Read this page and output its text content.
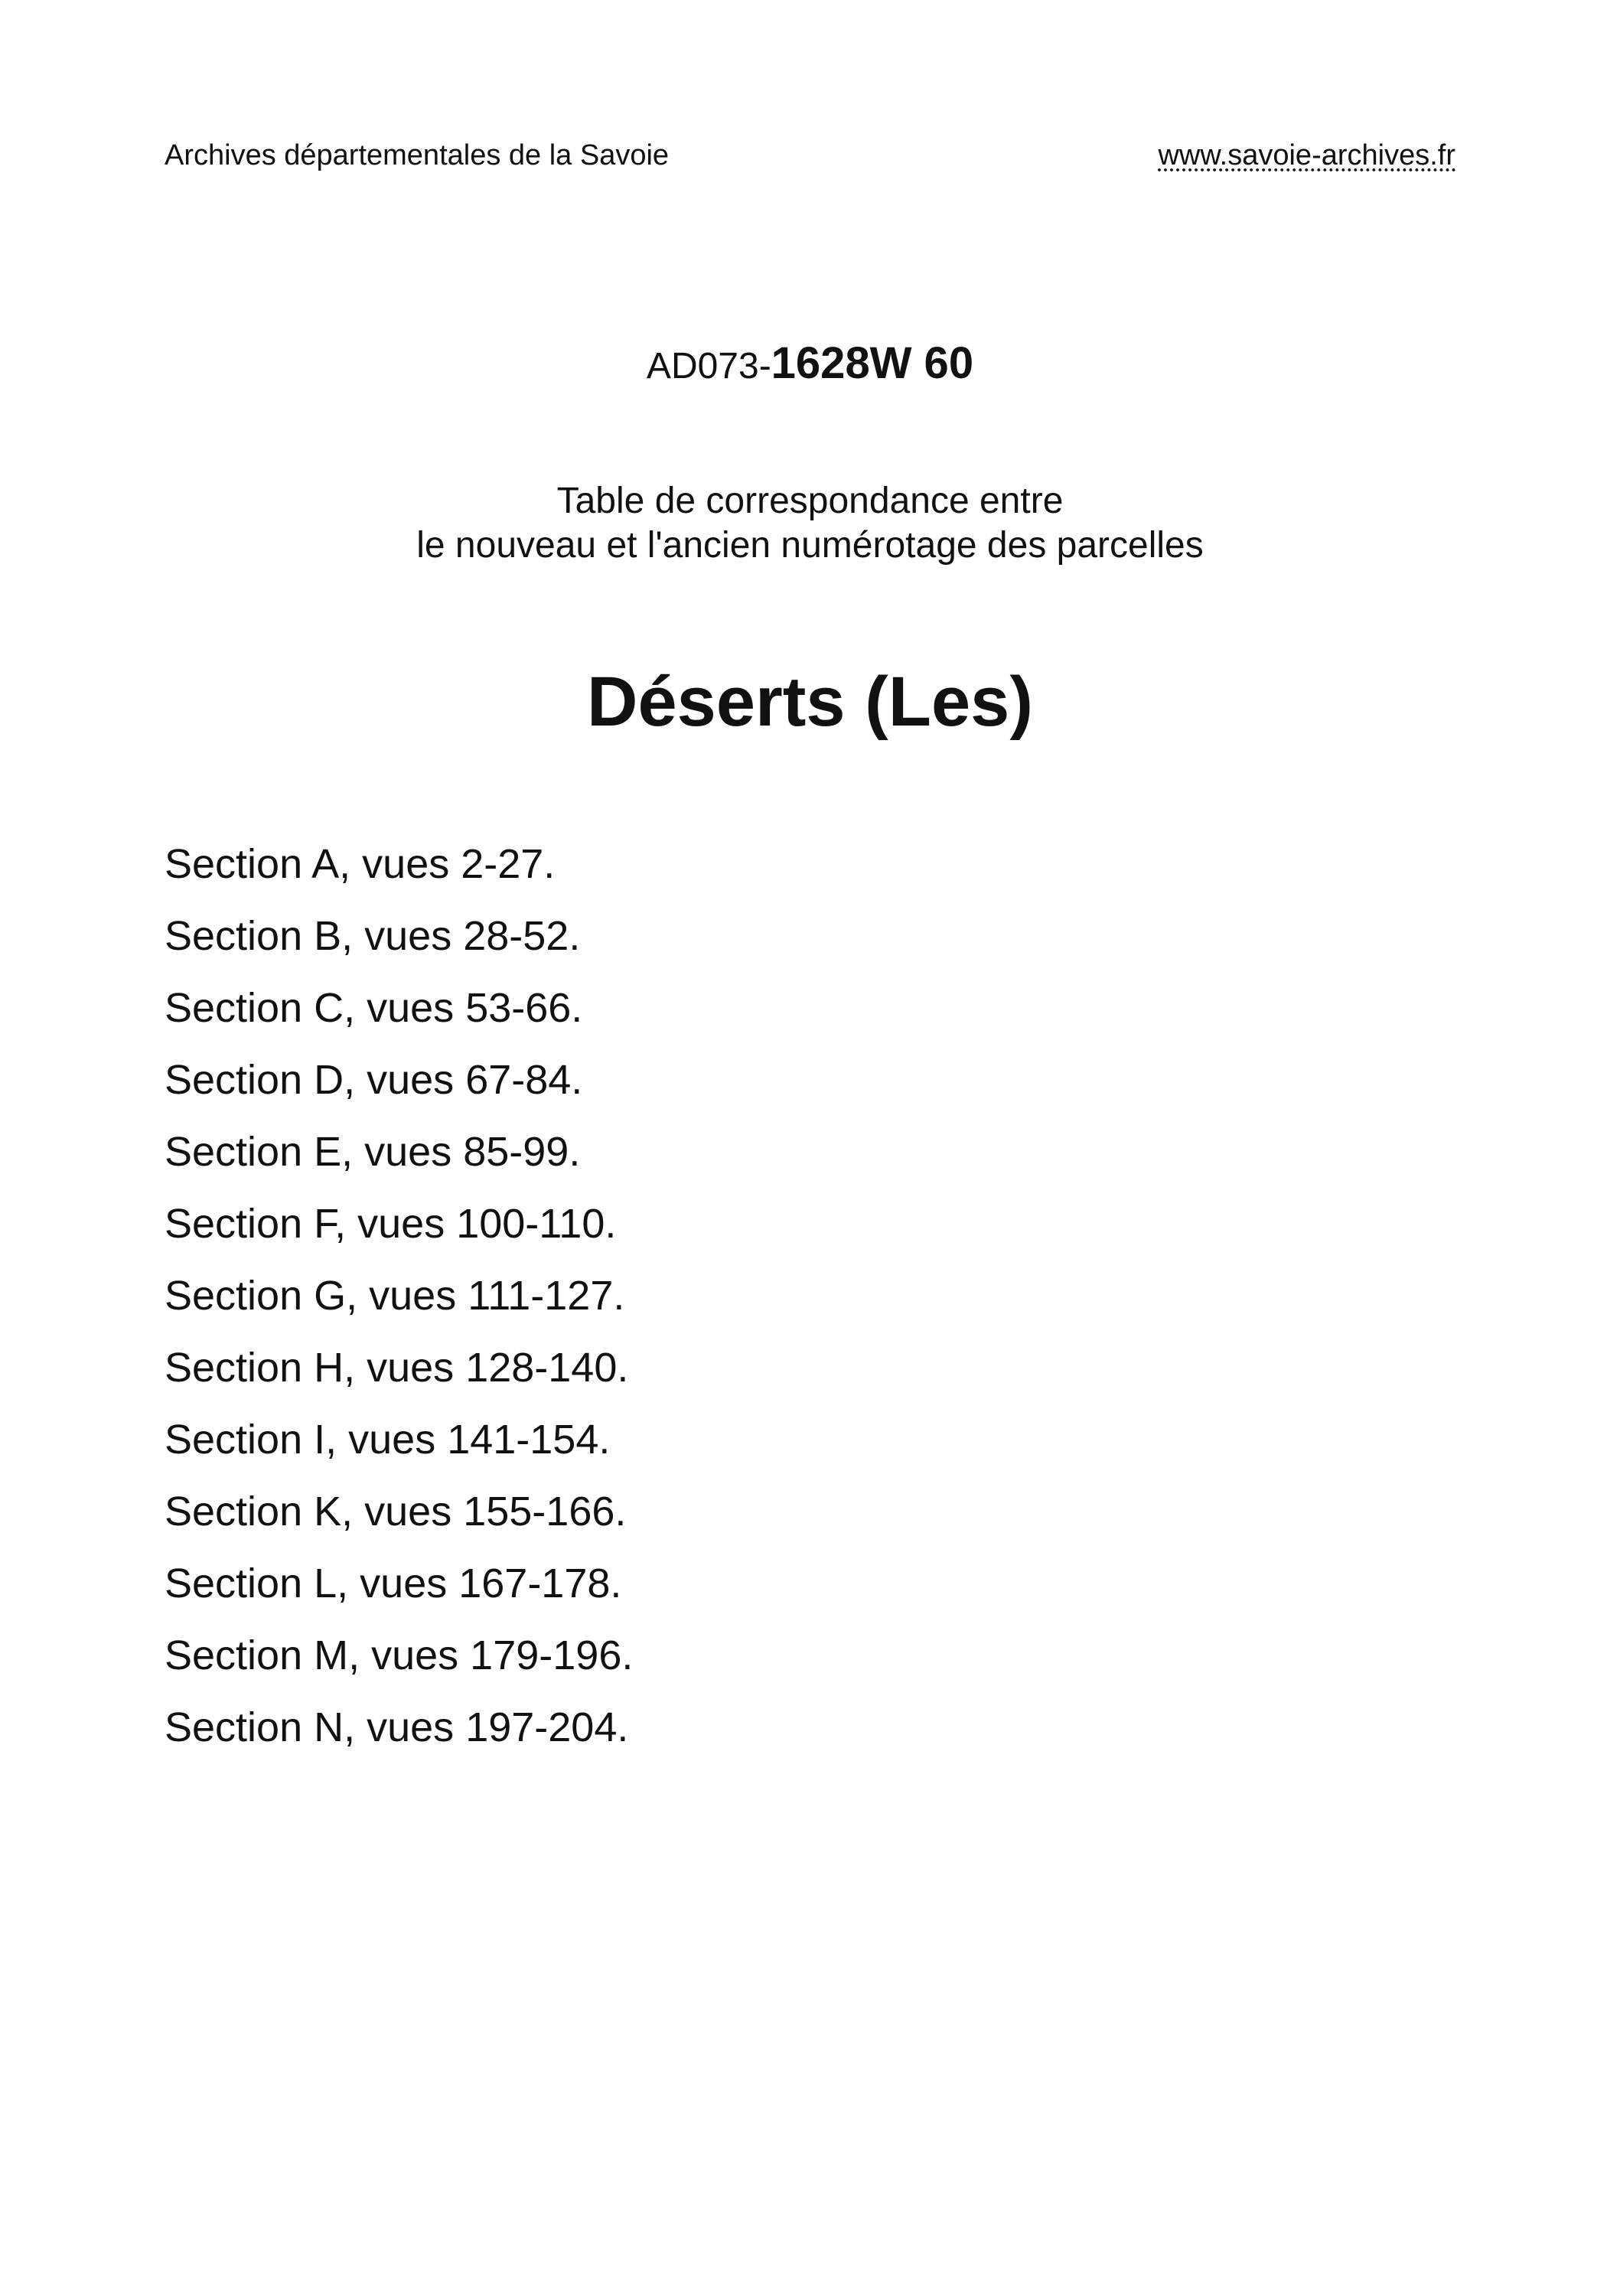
Archives départementales de la Savoie	www.savoie-archives.fr
AD073-1628W 60
Table de correspondance entre
le nouveau et l'ancien numérotage des parcelles
Déserts (Les)
Section A, vues 2-27.
Section B, vues 28-52.
Section C, vues 53-66.
Section D, vues 67-84.
Section E, vues 85-99.
Section F, vues 100-110.
Section G, vues 111-127.
Section H, vues 128-140.
Section I, vues 141-154.
Section K, vues 155-166.
Section L, vues 167-178.
Section M, vues 179-196.
Section N, vues 197-204.
